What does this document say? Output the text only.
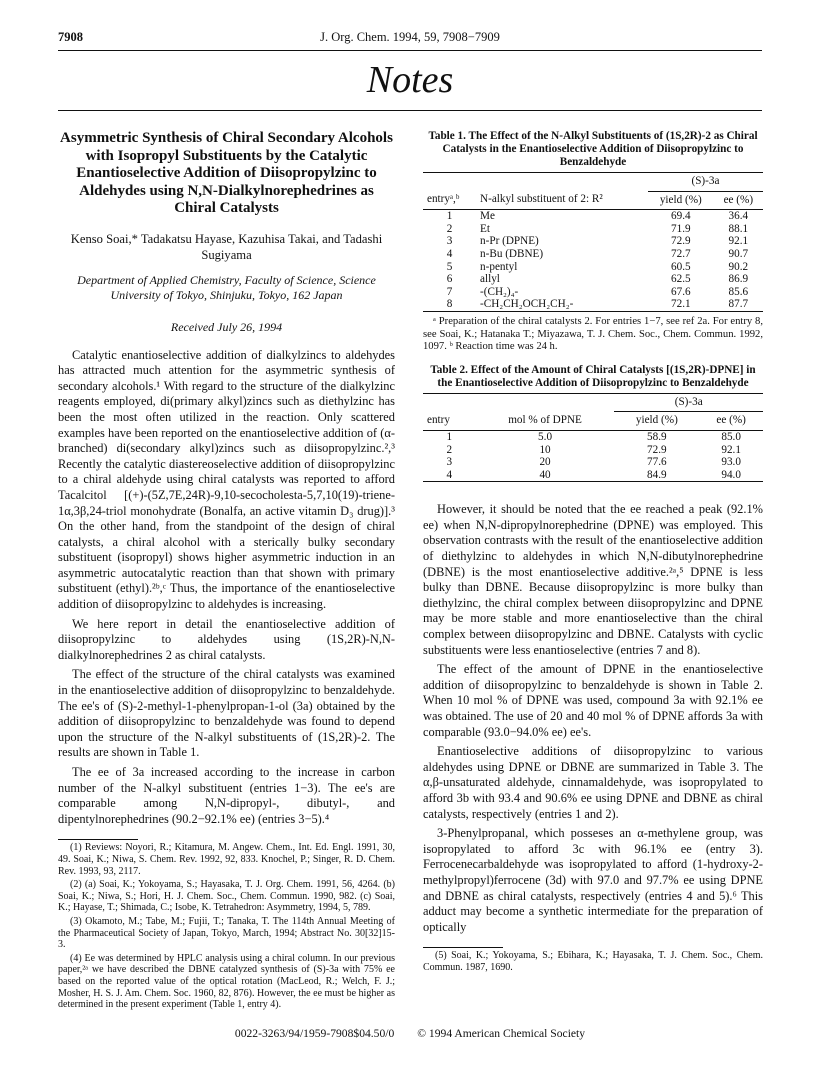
7908	J. Org. Chem. 1994, 59, 7908−7909
Notes
Asymmetric Synthesis of Chiral Secondary Alcohols with Isopropyl Substituents by the Catalytic Enantioselective Addition of Diisopropylzinc to Aldehydes using N,N-Dialkylnorephedrines as Chiral Catalysts
Kenso Soai,* Tadakatsu Hayase, Kazuhisa Takai, and Tadashi Sugiyama
Department of Applied Chemistry, Faculty of Science, Science University of Tokyo, Shinjuku, Tokyo, 162 Japan
Received July 26, 1994

Catalytic enantioselective addition of dialkylzincs to aldehydes has attracted much attention for the asymmetric synthesis of secondary alcohols.¹ With regard to the structure of the dialkylzinc reagents employed, di(primary alkyl)zincs such as diethylzinc has been the most often utilized in the reaction. Only scattered examples have been reported on the enantioselective addition of (α-branched) di(secondary alkyl)zincs such as diisopropylzinc.²,³ Recently the catalytic diastereoselective addition of diisopropylzinc to a chiral aldehyde using chiral catalysts was reported to afford Tacalcitol [(+)-(5Z,7E,24R)-9,10-secocholesta-5,7,10(19)-triene-1α,3β,24-triol monohydrate (Bonalfa, an active vitamin D₃ drug)].³ On the other hand, from the standpoint of the design of chiral catalysts, a chiral alcohol with a sterically bulky secondary substituent (isopropyl) shows higher asymmetric induction in an asymmetric autocatalytic reaction than that shown with primary substituent (ethyl).²ᵇ,ᶜ Thus, the importance of the enantioselective addition of diisopropylzinc to aldehydes is increasing.

We here report in detail the enantioselective addition of diisopropylzinc to aldehydes using (1S,2R)-N,N-dialkylnorephedrines 2 as chiral catalysts.

The effect of the structure of the chiral catalysts was examined in the enantioselective addition of diisopropylzinc to benzaldehyde. The ee's of (S)-2-methyl-1-phenylpropan-1-ol (3a) obtained by the addition of diisopropylzinc to benzaldehyde was found to depend upon the structure of the N-alkyl substituents of (1S,2R)-2. The results are shown in Table 1.

The ee of 3a increased according to the increase in carbon number of the N-alkyl substituent (entries 1−3). The ee's are comparable among N,N-dipropyl-, dibutyl-, and dipentylnorephedrines (90.2−92.1% ee) (entries 3−5).⁴

(1) Reviews: Noyori, R.; Kitamura, M. Angew. Chem., Int. Ed. Engl. 1991, 30, 49. Soai, K.; Niwa, S. Chem. Rev. 1992, 92, 833. Knochel, P.; Singer, R. D. Chem. Rev. 1993, 93, 2117.

(2) (a) Soai, K.; Yokoyama, S.; Hayasaka, T. J. Org. Chem. 1991, 56, 4264. (b) Soai, K.; Niwa, S.; Hori, H. J. Chem. Soc., Chem. Commun. 1990, 982. (c) Soai, K.; Hayase, T.; Shimada, C.; Isobe, K. Tetrahedron: Asymmetry, 1994, 5, 789.

(3) Okamoto, M.; Tabe, M.; Fujii, T.; Tanaka, T. The 114th Annual Meeting of the Pharmaceutical Society of Japan, Tokyo, March, 1994; Abstract No. 30[32]15-3.

(4) Ee was determined by HPLC analysis using a chiral column. In our previous paper,²ᵃ we have described the DBNE catalyzed synthesis of (S)-3a with 75% ee based on the reported value of the optical rotation (MacLeod, R.; Welch, F. J.; Mosher, H. S. J. Am. Chem. Soc. 1960, 82, 876). However, the ee must be higher as determined in the present experiment (Table 1, entry 4).

Table 1. The Effect of the N-Alkyl Substituents of (1S,2R)-2 as Chiral Catalysts in the Enantioselective Addition of Diisopropylzinc to Benzaldehyde

		(S)-3a	
entryᵃ,ᵇ	N-alkyl substituent of 2: R²	yield (%)	ee (%)
1	Me	69.4	36.4
2	Et	71.9	88.1
3	n-Pr (DPNE)	72.9	92.1
4	n-Bu (DBNE)	72.7	90.7
5	n-pentyl	60.5	90.2
6	allyl	62.5	86.9
7	-(CH₂)₄-	67.6	85.6
8	-CH₂CH₂OCH₂CH₂-	72.1	87.7
ᵃ Preparation of the chiral catalysts 2. For entries 1−7, see ref 2a. For entry 8, see Soai, K.; Hatanaka T.; Miyazawa, T. J. Chem. Soc., Chem. Commun. 1992, 1097. ᵇ Reaction time was 24 h.

Table 2. Effect of the Amount of Chiral Catalysts [(1S,2R)-DPNE] in the Enantioselective Addition of Diisopropylzinc to Benzaldehyde

		(S)-3a	
entry	mol % of DPNE	yield (%)	ee (%)
1	5.0	58.9	85.0
2	10	72.9	92.1
3	20	77.6	93.0
4	40	84.9	94.0

However, it should be noted that the ee reached a peak (92.1% ee) when N,N-dipropylnorephedrine (DPNE) was employed. This observation contrasts with the result of the enantioselective addition of diethylzinc to aldehydes in which N,N-dibutylnorephedrine (DBNE) is the most enantioselective additive.²ᵃ,⁵ DPNE is less bulky than DBNE. Because diisopropylzinc is more bulky than diethylzinc, the chiral complex between diisopropylzinc and DPNE may be more stable and more enantioselective than the chiral complex between diisopropylzinc and DBNE. Catalysts with cyclic substituents were less enantioselective (entries 7 and 8).

The effect of the amount of DPNE in the enantioselective addition of diisopropylzinc to benzaldehyde is shown in Table 2. When 10 mol % of DPNE was used, compound 3a with 92.1% ee was obtained. The use of 20 and 40 mol % of DPNE affords 3a with comparable (93.0−94.0% ee) ee's.

Enantioselective additions of diisopropylzinc to various aldehydes using DPNE or DBNE are summarized in Table 3. The α,β-unsaturated aldehyde, cinnamaldehyde, was isopropylated to afford 3b with 93.4 and 90.6% ee using DPNE and DBNE as chiral catalysts, respectively (entries 1 and 2).

3-Phenylpropanal, which posseses an α-methylene group, was isopropylated to afford 3c with 96.1% ee (entry 3). Ferrocenecarbaldehyde was isopropylated to afford (1-hydroxy-2-methylpropyl)ferrocene (3d) with 97.0 and 97.7% ee using DPNE and DBNE as chiral catalysts, respectively (entries 4 and 5).⁶ This adduct may become a synthetic intermediate for the preparation of optically

(5) Soai, K.; Yokoyama, S.; Ebihara, K.; Hayasaka, T. J. Chem. Soc., Chem. Commun. 1987, 1690.

0022-3263/94/1959-7908$04.50/0 © 1994 American Chemical Society
